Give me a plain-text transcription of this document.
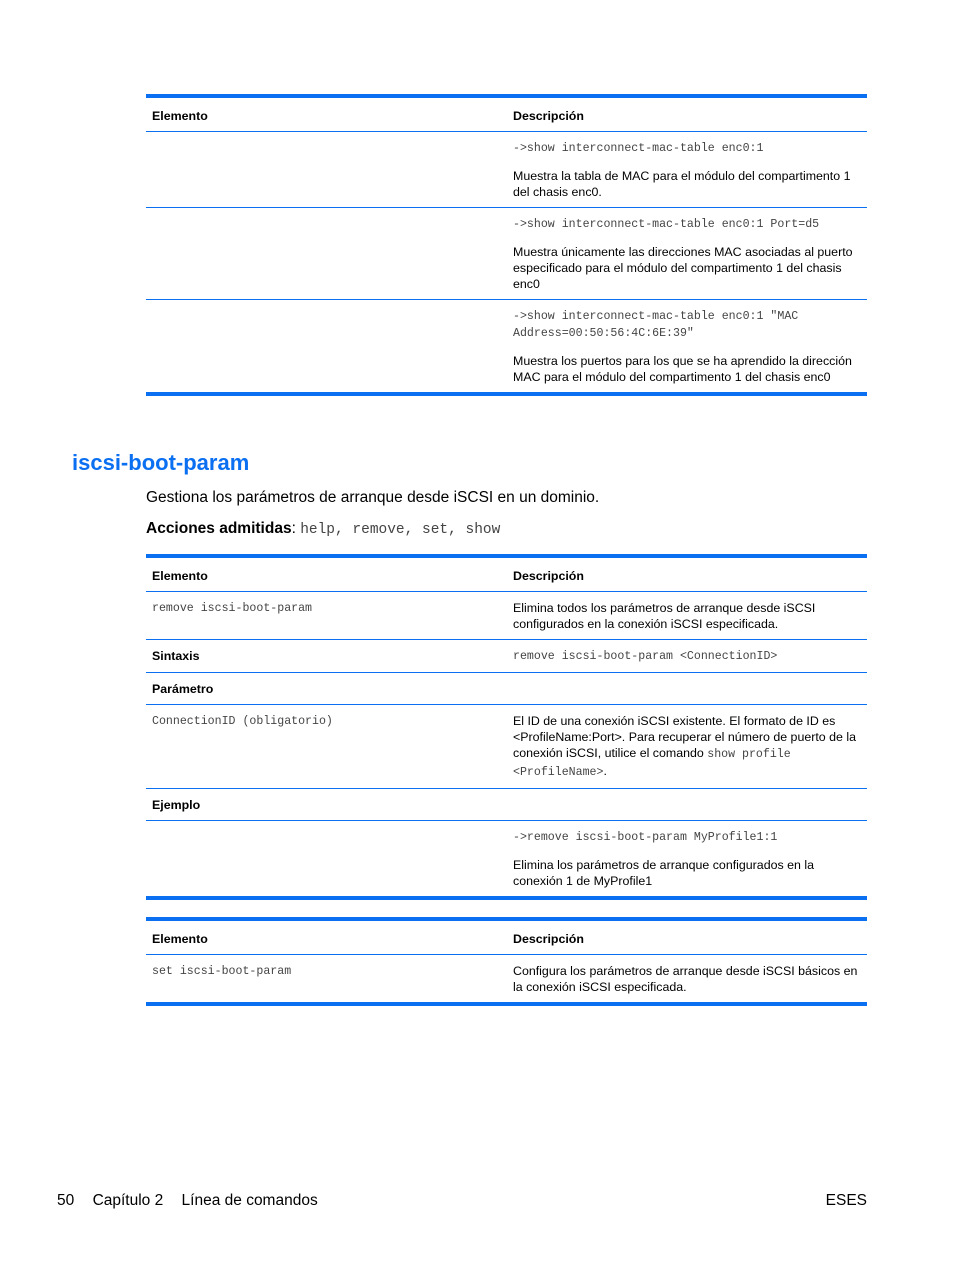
Elemento	Descripción

	->show interconnect-mac-table enc0:1
Muestra la tabla de MAC para el módulo del compartimento 1 del chasis enc0.

	->show interconnect-mac-table enc0:1 Port=d5
Muestra únicamente las direcciones MAC asociadas al puerto especificado para el módulo del compartimento 1 del chasis enc0

	->show interconnect-mac-table enc0:1 "MAC Address=00:50:56:4C:6E:39"
Muestra los puertos para los que se ha aprendido la dirección MAC para el módulo del compartimento 1 del chasis enc0
iscsi-boot-param

Gestiona los parámetros de arranque desde iSCSI en un dominio.

Acciones admitidas: help, remove, set, show

Elemento	Descripción

remove iscsi-boot-param	Elimina todos los parámetros de arranque desde iSCSI configurados en la conexión iSCSI especificada.
Sintaxis	remove iscsi-boot-param <ConnectionID>

Parámetro	

ConnectionID (obligatorio)	El ID de una conexión iSCSI existente. El formato de ID es <ProfileName:Port>. Para recuperar el número de puerto de la conexión iSCSI, utilice el comando show profile <ProfileName>.
Ejemplo	

	->remove iscsi-boot-param MyProfile1:1
Elimina los parámetros de arranque configurados en la conexión 1 de MyProfile1
Elemento	Descripción

set iscsi-boot-param	Configura los parámetros de arranque desde iSCSI básicos en la conexión iSCSI especificada.
50 Capítulo 2 Línea de comandos	ESES
